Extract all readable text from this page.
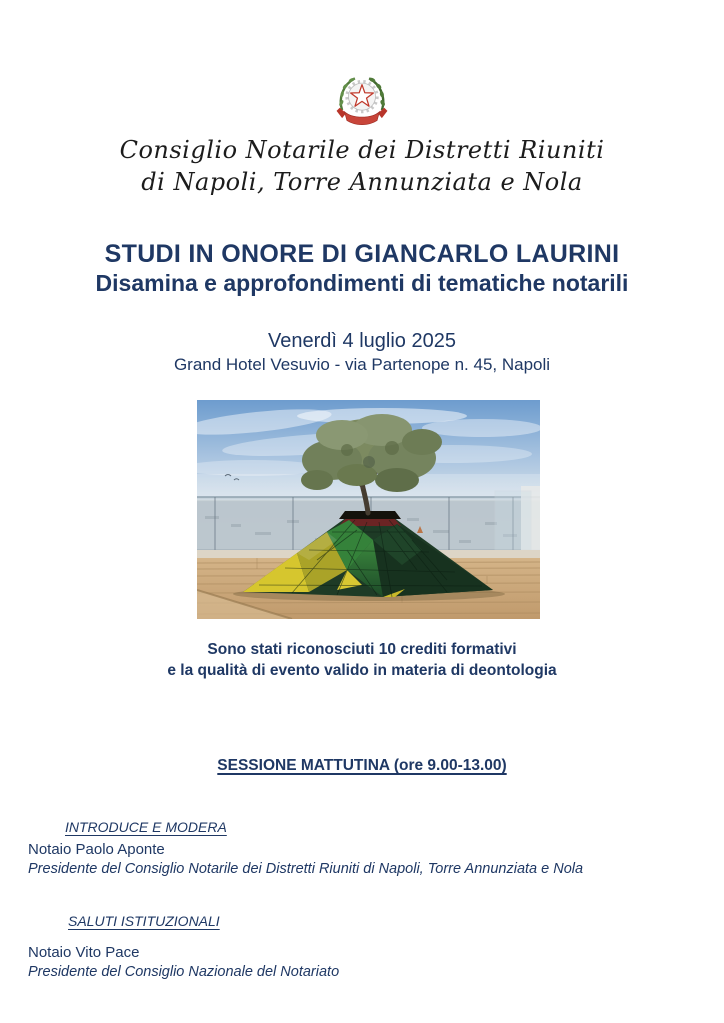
Consiglio Notarile dei Distretti Riuniti
di Napoli, Torre Annunziata e Nola
STUDI IN ONORE DI GIANCARLO LAURINI
Disamina e approfondimenti di tematiche notarili
Venerdì 4 luglio 2025
Grand Hotel Vesuvio - via Partenope n. 45, Napoli
Sono stati riconosciuti 10 crediti formativi
e la qualità di evento valido in materia di deontologia
SESSIONE MATTUTINA (ore 9.00-13.00)
INTRODUCE E MODERA
Notaio Paolo Aponte
Presidente del Consiglio Notarile dei Distretti Riuniti di Napoli, Torre Annunziata e Nola
SALUTI ISTITUZIONALI
Notaio Vito Pace
Presidente del Consiglio Nazionale del Notariato
